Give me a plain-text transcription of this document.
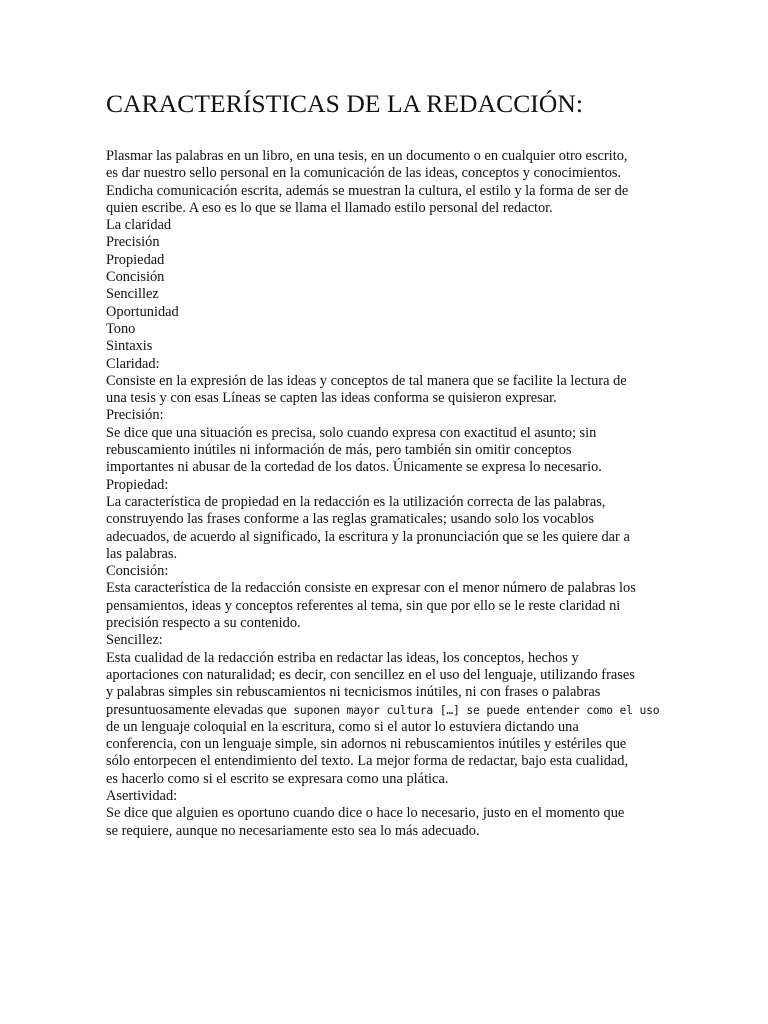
CARACTERÍSTICAS DE LA REDACCIÓN:
Plasmar las palabras en un libro, en una tesis, en un documento o en cualquier otro escrito,
es dar nuestro sello personal en la comunicación de las ideas, conceptos y conocimientos.
Endicha comunicación escrita, además se muestran la cultura, el estilo y la forma de ser de
quien escribe. A eso es lo que se llama el llamado estilo personal del redactor.
La claridad
Precisión
Propiedad
Concisión
Sencillez
Oportunidad
Tono
Sintaxis
Claridad:
Consiste en la expresión de las ideas y conceptos de tal manera que se facilite la lectura de
una tesis y con esas Líneas se capten las ideas conforma se quisieron expresar.
Precisión:
Se dice que una situación es precisa, solo cuando expresa con exactitud el asunto; sin
rebuscamiento inútiles ni información de más, pero también sin omitir conceptos
importantes ni abusar de la cortedad de los datos. Únicamente se expresa lo necesario.
Propiedad:
La característica de propiedad en la redacción es la utilización correcta de las palabras,
construyendo las frases conforme a las reglas gramaticales; usando solo los vocablos
adecuados, de acuerdo al significado, la escritura y la pronunciación que se les quiere dar a
las palabras.
Concisión:
Esta característica de la redacción consiste en expresar con el menor número de palabras los
pensamientos, ideas y conceptos referentes al tema, sin que por ello se le reste claridad ni
precisión respecto a su contenido.
Sencillez:
Esta cualidad de la redacción estriba en redactar las ideas, los conceptos, hechos y
aportaciones con naturalidad; es decir, con sencillez en el uso del lenguaje, utilizando frases
y palabras simples sin rebuscamientos ni tecnicismos inútiles, ni con frases o palabras
presuntuosamente elevadas que suponen mayor cultura […] se puede entender como el uso
de un lenguaje coloquial en la escritura, como si el autor lo estuviera dictando una
conferencia, con un lenguaje simple, sin adornos ni rebuscamientos inútiles y estériles que
sólo entorpecen el entendimiento del texto. La mejor forma de redactar, bajo esta cualidad,
es hacerlo como si el escrito se expresara como una plática.
Asertividad:
Se dice que alguien es oportuno cuando dice o hace lo necesario, justo en el momento que
se requiere, aunque no necesariamente esto sea lo más adecuado.
